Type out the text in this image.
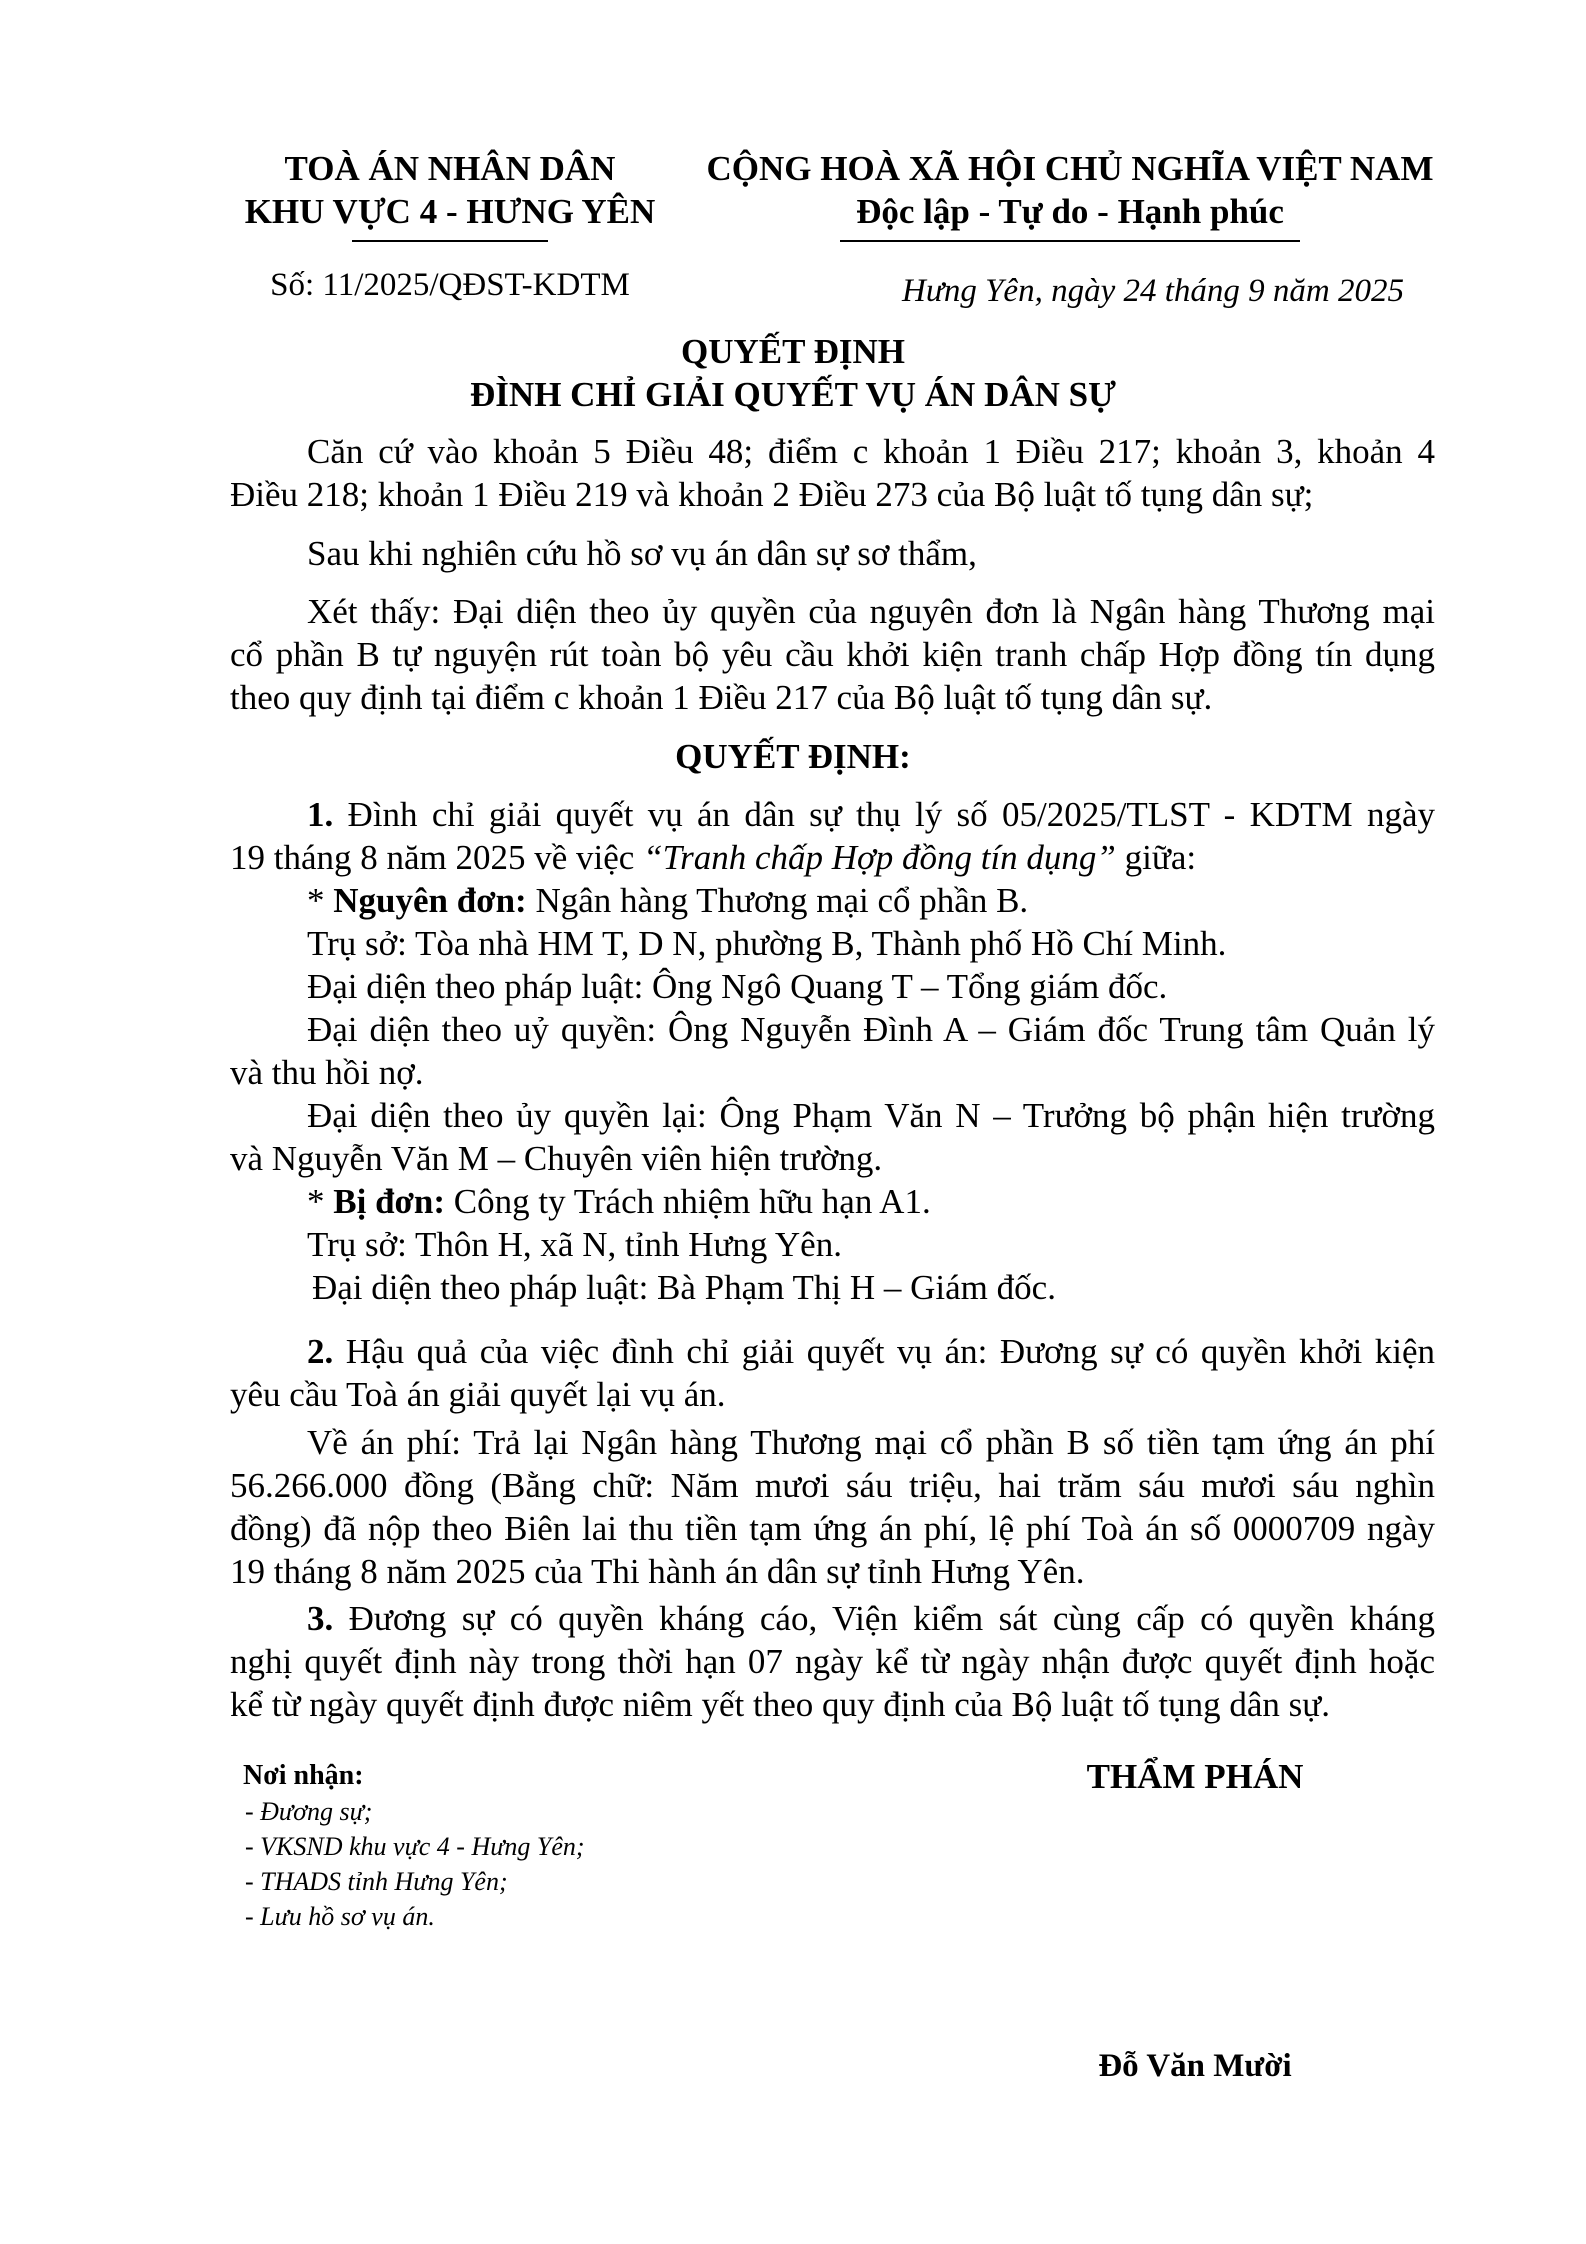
TOÀ ÁN NHÂN DÂN
KHU VỰC 4 - HƯNG YÊN
CỘNG HOÀ XÃ HỘI CHỦ NGHĨA VIỆT NAM
Độc lập - Tự do - Hạnh phúc
Số: 11/2025/QĐST-KDTM	Hưng Yên, ngày 24 tháng 9 năm 2025
QUYẾT ĐỊNH
ĐÌNH CHỈ GIẢI QUYẾT VỤ ÁN DÂN SỰ
Căn cứ vào khoản 5 Điều 48; điểm c khoản 1 Điều 217; khoản 3, khoản 4
Điều 218; khoản 1 Điều 219 và khoản 2 Điều 273 của Bộ luật tố tụng dân sự;
Sau khi nghiên cứu hồ sơ vụ án dân sự sơ thẩm,
Xét thấy: Đại diện theo ủy quyền của nguyên đơn là Ngân hàng Thương mại
cổ phần B tự nguyện rút toàn bộ yêu cầu khởi kiện tranh chấp Hợp đồng tín dụng
theo quy định tại điểm c khoản 1 Điều 217 của Bộ luật tố tụng dân sự.
QUYẾT ĐỊNH:
1. Đình chỉ giải quyết vụ án dân sự thụ lý số 05/2025/TLST - KDTM ngày
19 tháng 8 năm 2025 về việc “Tranh chấp Hợp đồng tín dụng” giữa:
* Nguyên đơn: Ngân hàng Thương mại cổ phần B.
Trụ sở: Tòa nhà HM T, D N, phường B, Thành phố Hồ Chí Minh.
Đại diện theo pháp luật: Ông Ngô Quang T – Tổng giám đốc.
Đại diện theo uỷ quyền: Ông Nguyễn Đình A – Giám đốc Trung tâm Quản lý
và thu hồi nợ.
Đại diện theo ủy quyền lại: Ông Phạm Văn N – Trưởng bộ phận hiện trường
và Nguyễn Văn M – Chuyên viên hiện trường.
* Bị đơn: Công ty Trách nhiệm hữu hạn A1.
Trụ sở: Thôn H, xã N, tỉnh Hưng Yên.
Đại diện theo pháp luật: Bà Phạm Thị H – Giám đốc.
2. Hậu quả của việc đình chỉ giải quyết vụ án: Đương sự có quyền khởi kiện
yêu cầu Toà án giải quyết lại vụ án.
Về án phí: Trả lại Ngân hàng Thương mại cổ phần B số tiền tạm ứng án phí
56.266.000 đồng (Bằng chữ: Năm mươi sáu triệu, hai trăm sáu mươi sáu nghìn
đồng) đã nộp theo Biên lai thu tiền tạm ứng án phí, lệ phí Toà án số 0000709 ngày
19 tháng 8 năm 2025 của Thi hành án dân sự tỉnh Hưng Yên.
3. Đương sự có quyền kháng cáo, Viện kiểm sát cùng cấp có quyền kháng
nghị quyết định này trong thời hạn 07 ngày kể từ ngày nhận được quyết định hoặc
kể từ ngày quyết định được niêm yết theo quy định của Bộ luật tố tụng dân sự.
Nơi nhận:
- Đương sự;
- VKSND khu vực 4 - Hưng Yên;
- THADS tỉnh Hưng Yên;
- Lưu hồ sơ vụ án.
THẨM PHÁN
Đỗ Văn Mười
